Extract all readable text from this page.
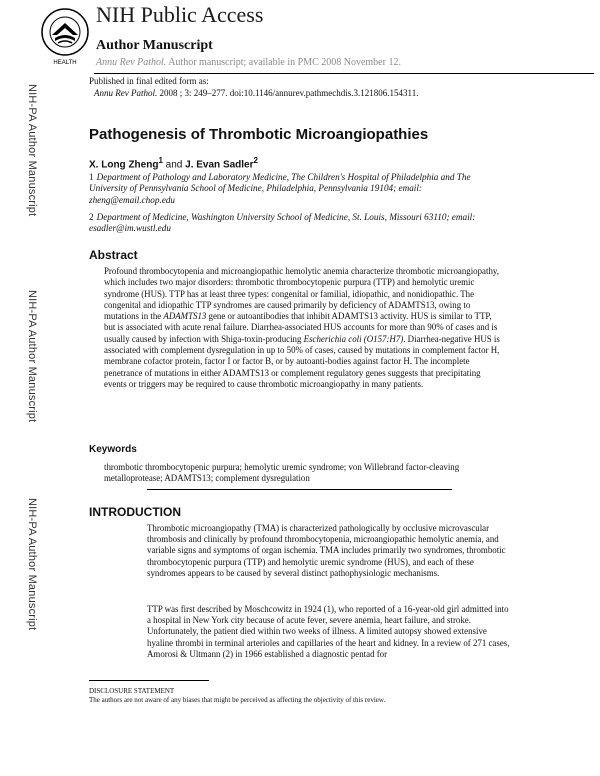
HEALTH
NIH Public Access
Author Manuscript
Annu Rev Pathol. Author manuscript; available in PMC 2008 November 12.
Published in final edited form as:
Annu Rev Pathol. 2008 ; 3: 249–277. doi:10.1146/annurev.pathmechdis.3.121806.154311.
NIH-PA Author Manuscript
NIH-PA Author Manuscript
NIH-PA Author Manuscript
Pathogenesis of Thrombotic Microangiopathies
X. Long Zheng$^1$ and J. Evan Sadler$^2$
1 Department of Pathology and Laboratory Medicine, The Children's Hospital of Philadelphia and The University of Pennsylvania School of Medicine, Philadelphia, Pennsylvania 19104; email: zheng@email.chop.edu
2 Department of Medicine, Washington University School of Medicine, St. Louis, Missouri 63110; email: esadler@im.wustl.edu
Abstract
Profound thrombocytopenia and microangiopathic hemolytic anemia characterize thrombotic microangiopathy, which includes two major disorders: thrombotic thrombocytopenic purpura (TTP) and hemolytic uremic syndrome (HUS). TTP has at least three types: congenital or familial, idiopathic, and nonidiopathic. The congenital and idiopathic TTP syndromes are caused primarily by deficiency of ADAMTS13, owing to mutations in the ADAMTS13 gene or autoantibodies that inhibit ADAMTS13 activity. HUS is similar to TTP, but is associated with acute renal failure. Diarrhea-associated HUS accounts for more than 90% of cases and is usually caused by infection with Shiga-toxin-producing Escherichia coli (O157:H7). Diarrhea-negative HUS is associated with complement dysregulation in up to 50% of cases, caused by mutations in complement factor H, membrane cofactor protein, factor I or factor B, or by autoanti-bodies against factor H. The incomplete penetrance of mutations in either ADAMTS13 or complement regulatory genes suggests that precipitating events or triggers may be required to cause thrombotic microangiopathy in many patients.
Keywords
thrombotic thrombocytopenic purpura; hemolytic uremic syndrome; von Willebrand factor-cleaving metalloprotease; ADAMTS13; complement dysregulation
INTRODUCTION
Thrombotic microangiopathy (TMA) is characterized pathologically by occlusive microvascular thrombosis and clinically by profound thrombocytopenia, microangiopathic hemolytic anemia, and variable signs and symptoms of organ ischemia. TMA includes primarily two syndromes, thrombotic thrombocytopenic purpura (TTP) and hemolytic uremic syndrome (HUS), and each of these syndromes appears to be caused by several distinct pathophysiologic mechanisms.
TTP was first described by Moschcowitz in 1924 (1), who reported of a 16-year-old girl admitted into a hospital in New York city because of acute fever, severe anemia, heart failure, and stroke. Unfortunately, the patient died within two weeks of illness. A limited autopsy showed extensive hyaline thrombi in terminal arterioles and capillaries of the heart and kidney. In a review of 271 cases, Amorosi & Ultmann (2) in 1966 established a diagnostic pentad for
DISCLOSURE STATEMENT
The authors are not aware of any biases that might be perceived as affecting the objectivity of this review.
